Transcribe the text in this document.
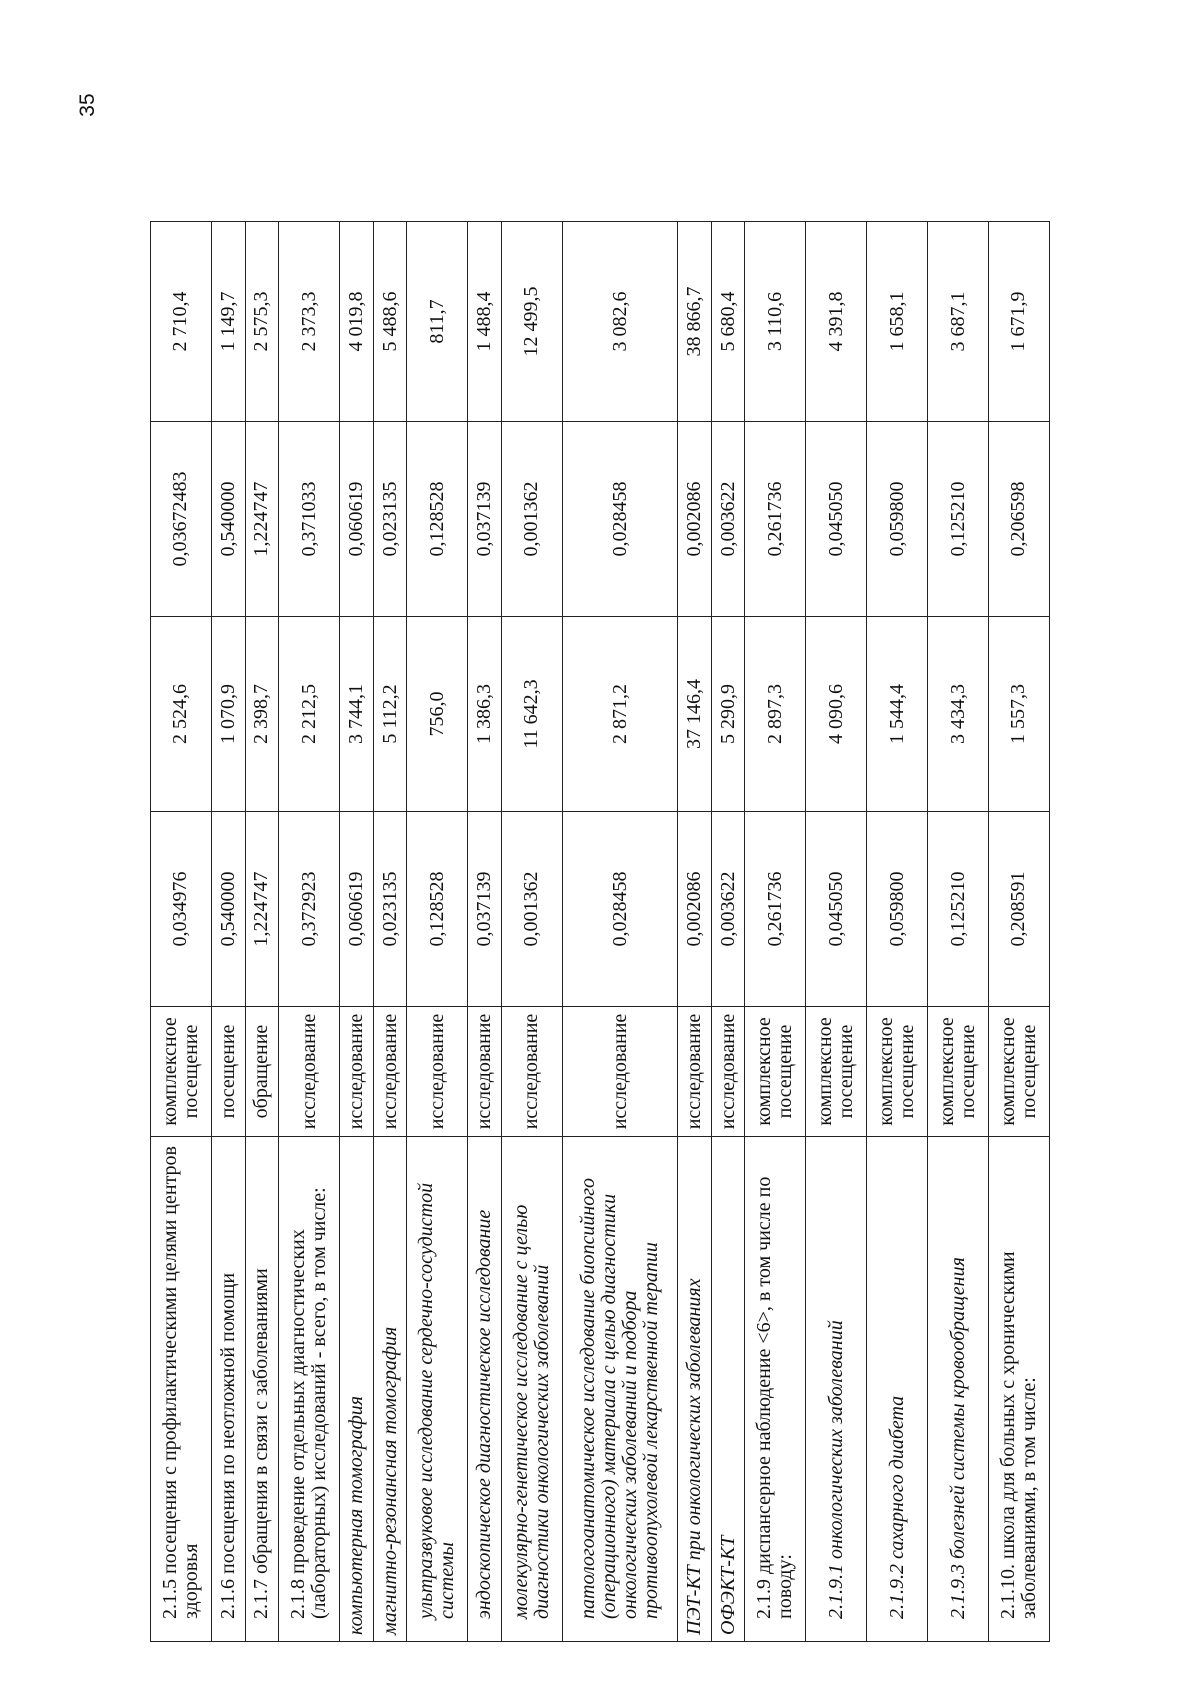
35
2.1.5 посещения с профилактическими целями центров здоровья	комплексное посещение	0,034976	2 524,6	0,03672483	2 710,4
2.1.6 посещения по неотложной помощи	посещение	0,540000	1 070,9	0,540000	1 149,7
2.1.7 обращения в связи с заболеваниями	обращение	1,224747	2 398,7	1,224747	2 575,3
2.1.8 проведение отдельных диагностических (лабораторных) исследований - всего, в том числе:	исследование	0,372923	2 212,5	0,371033	2 373,3
компьютерная томография	исследование	0,060619	3 744,1	0,060619	4 019,8
магнитно-резонансная томография	исследование	0,023135	5 112,2	0,023135	5 488,6
ультразвуковое исследование сердечно-сосудистой системы	исследование	0,128528	756,0	0,128528	811,7
эндоскопическое диагностическое исследование	исследование	0,037139	1 386,3	0,037139	1 488,4
молекулярно-генетическое исследование с целью диагностики онкологических заболеваний	исследование	0,001362	11 642,3	0,001362	12 499,5
патологоанатомическое исследование биопсийного (операционного) материала с целью диагностики онкологических заболеваний и подбора противоопухолевой лекарственной терапии	исследование	0,028458	2 871,2	0,028458	3 082,6
ПЭТ-КТ при онкологических заболеваниях	исследование	0,002086	37 146,4	0,002086	38 866,7
ОФЭКТ-КТ	исследование	0,003622	5 290,9	0,003622	5 680,4
2.1.9 диспансерное наблюдение <6>, в том числе по поводу:	комплексное посещение	0,261736	2 897,3	0,261736	3 110,6
2.1.9.1 онкологических заболеваний	комплексное посещение	0,045050	4 090,6	0,045050	4 391,8
2.1.9.2 сахарного диабета	комплексное посещение	0,059800	1 544,4	0,059800	1 658,1
2.1.9.3 болезней системы кровообращения	комплексное посещение	0,125210	3 434,3	0,125210	3 687,1
2.1.10. школа для больных с хроническими заболеваниями, в том числе:	комплексное посещение	0,208591	1 557,3	0,206598	1 671,9
